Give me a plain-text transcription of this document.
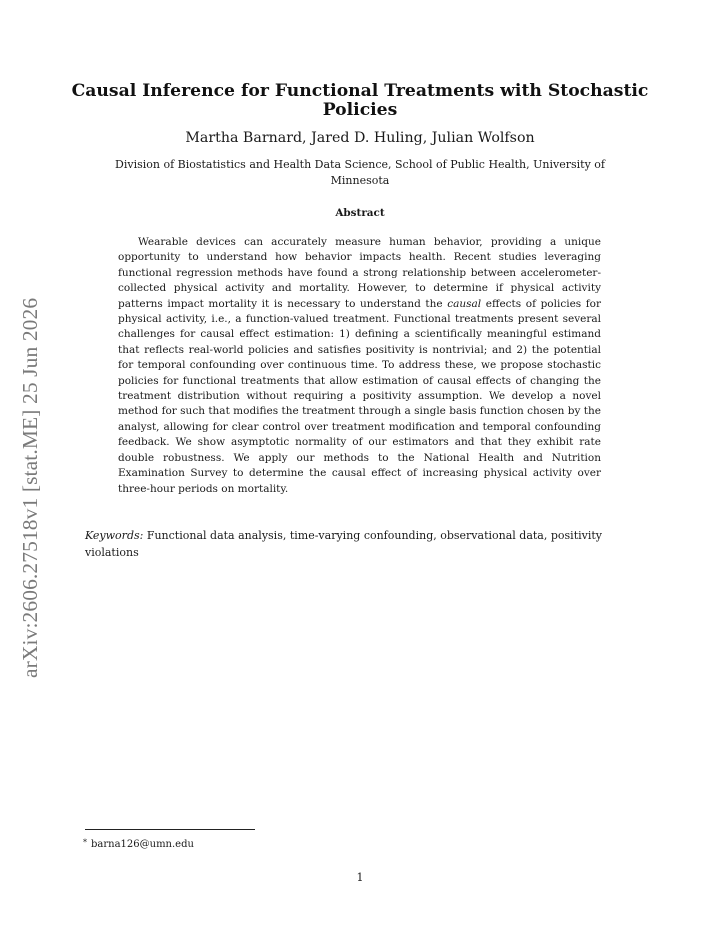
arXiv:2606.27518v1 [stat.ME] 25 Jun 2026
Causal Inference for Functional Treatments with Stochastic Policies
Martha Barnard, Jared D. Huling, Julian Wolfson
Division of Biostatistics and Health Data Science, School of Public Health, University of Minnesota
Abstract

Wearable devices can accurately measure human behavior, providing a unique opportunity to understand how behavior impacts health. Recent studies leveraging functional regression methods have found a strong relationship between accelerometer-collected physical activity and mortality. However, to determine if physical activity patterns impact mortality it is necessary to understand the causal effects of policies for physical activity, i.e., a function-valued treatment. Functional treatments present several challenges for causal effect estimation: 1) defining a scientifically meaningful estimand that reflects real-world policies and satisfies positivity is nontrivial; and 2) the potential for temporal confounding over continuous time. To address these, we propose stochastic policies for functional treatments that allow estimation of causal effects of changing the treatment distribution without requiring a positivity assumption. We develop a novel method for such that modifies the treatment through a single basis function chosen by the analyst, allowing for clear control over treatment modification and temporal confounding feedback. We show asymptotic normality of our estimators and that they exhibit rate double robustness. We apply our methods to the National Health and Nutrition Examination Survey to determine the causal effect of increasing physical activity over three-hour periods on mortality.

Keywords: Functional data analysis, time-varying confounding, observational data, positivity violations

* barna126@umn.edu
1
